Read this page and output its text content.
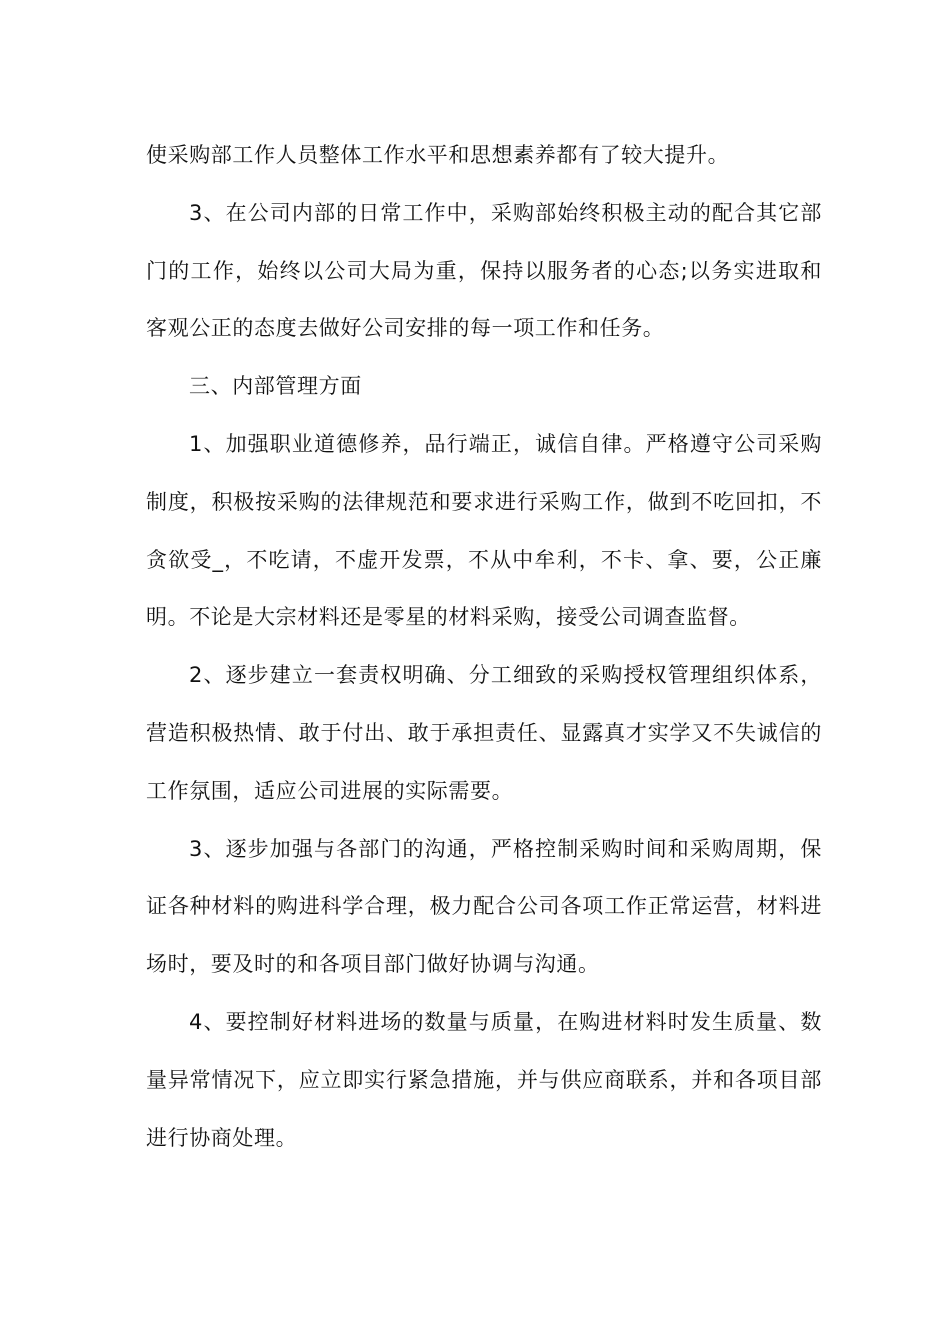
使采购部工作人员整体工作水平和思想素养都有了较大提升。

3、在公司内部的日常工作中，采购部始终积极主动的配合其它部门的工作，始终以公司大局为重，保持以服务者的心态;以务实进取和客观公正的态度去做好公司安排的每一项工作和任务。

三、内部管理方面

1、加强职业道德修养，品行端正，诚信自律。严格遵守公司采购制度，积极按采购的法律规范和要求进行采购工作，做到不吃回扣，不贪欲受_，不吃请，不虚开发票，不从中牟利，不卡、拿、要，公正廉明。不论是大宗材料还是零星的材料采购，接受公司调查监督。

2、逐步建立一套责权明确、分工细致的采购授权管理组织体系，营造积极热情、敢于付出、敢于承担责任、显露真才实学又不失诚信的工作氛围，适应公司进展的实际需要。

3、逐步加强与各部门的沟通，严格控制采购时间和采购周期，保证各种材料的购进科学合理，极力配合公司各项工作正常运营，材料进场时，要及时的和各项目部门做好协调与沟通。

4、要控制好材料进场的数量与质量，在购进材料时发生质量、数量异常情况下，应立即实行紧急措施，并与供应商联系，并和各项目部进行协商处理。
